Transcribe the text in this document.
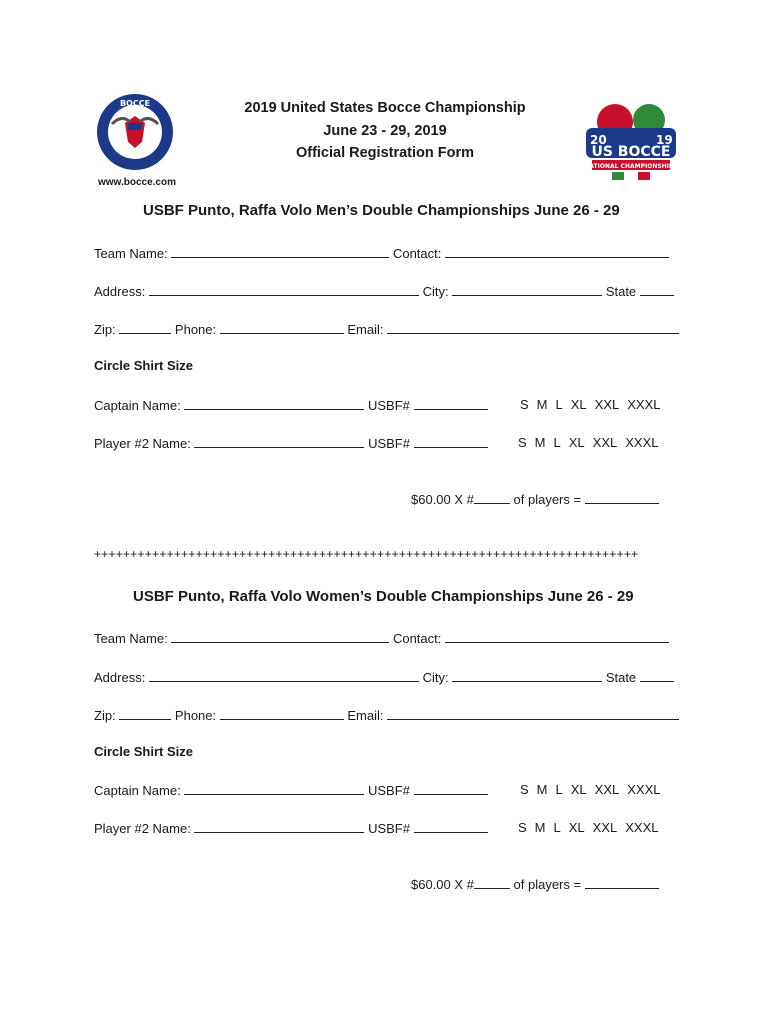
BOCCE
www.bocce.com
20	19
US BOCCE
NATIONAL CHAMPIONSHIPS
2019 United States Bocce Championship
June 23 - 29, 2019
Official Registration Form
USBF Punto, Raffa Volo Men’s Double Championships June 26 - 29
Team Name:	Contact:
Address:	City:	State
Zip:	Phone:	Email:
Circle Shirt Size
Captain Name:	USBF#	S M L XL XXL XXXL
Player #2 Name:	USBF#	S M L XL XXL XXXL
$60.00 X #	of players =
+++++++++++++++++++++++++++++++++++++++++++++++++++++++++++++++++++++++++++
USBF Punto, Raffa Volo Women’s Double Championships June 26 - 29
Team Name:	Contact:
Address:	City:	State
Zip:	Phone:	Email:
Circle Shirt Size
Captain Name:	USBF#	S M L XL XXL XXXL
Player #2 Name:	USBF#	S M L XL XXL XXXL
$60.00 X #	of players =
